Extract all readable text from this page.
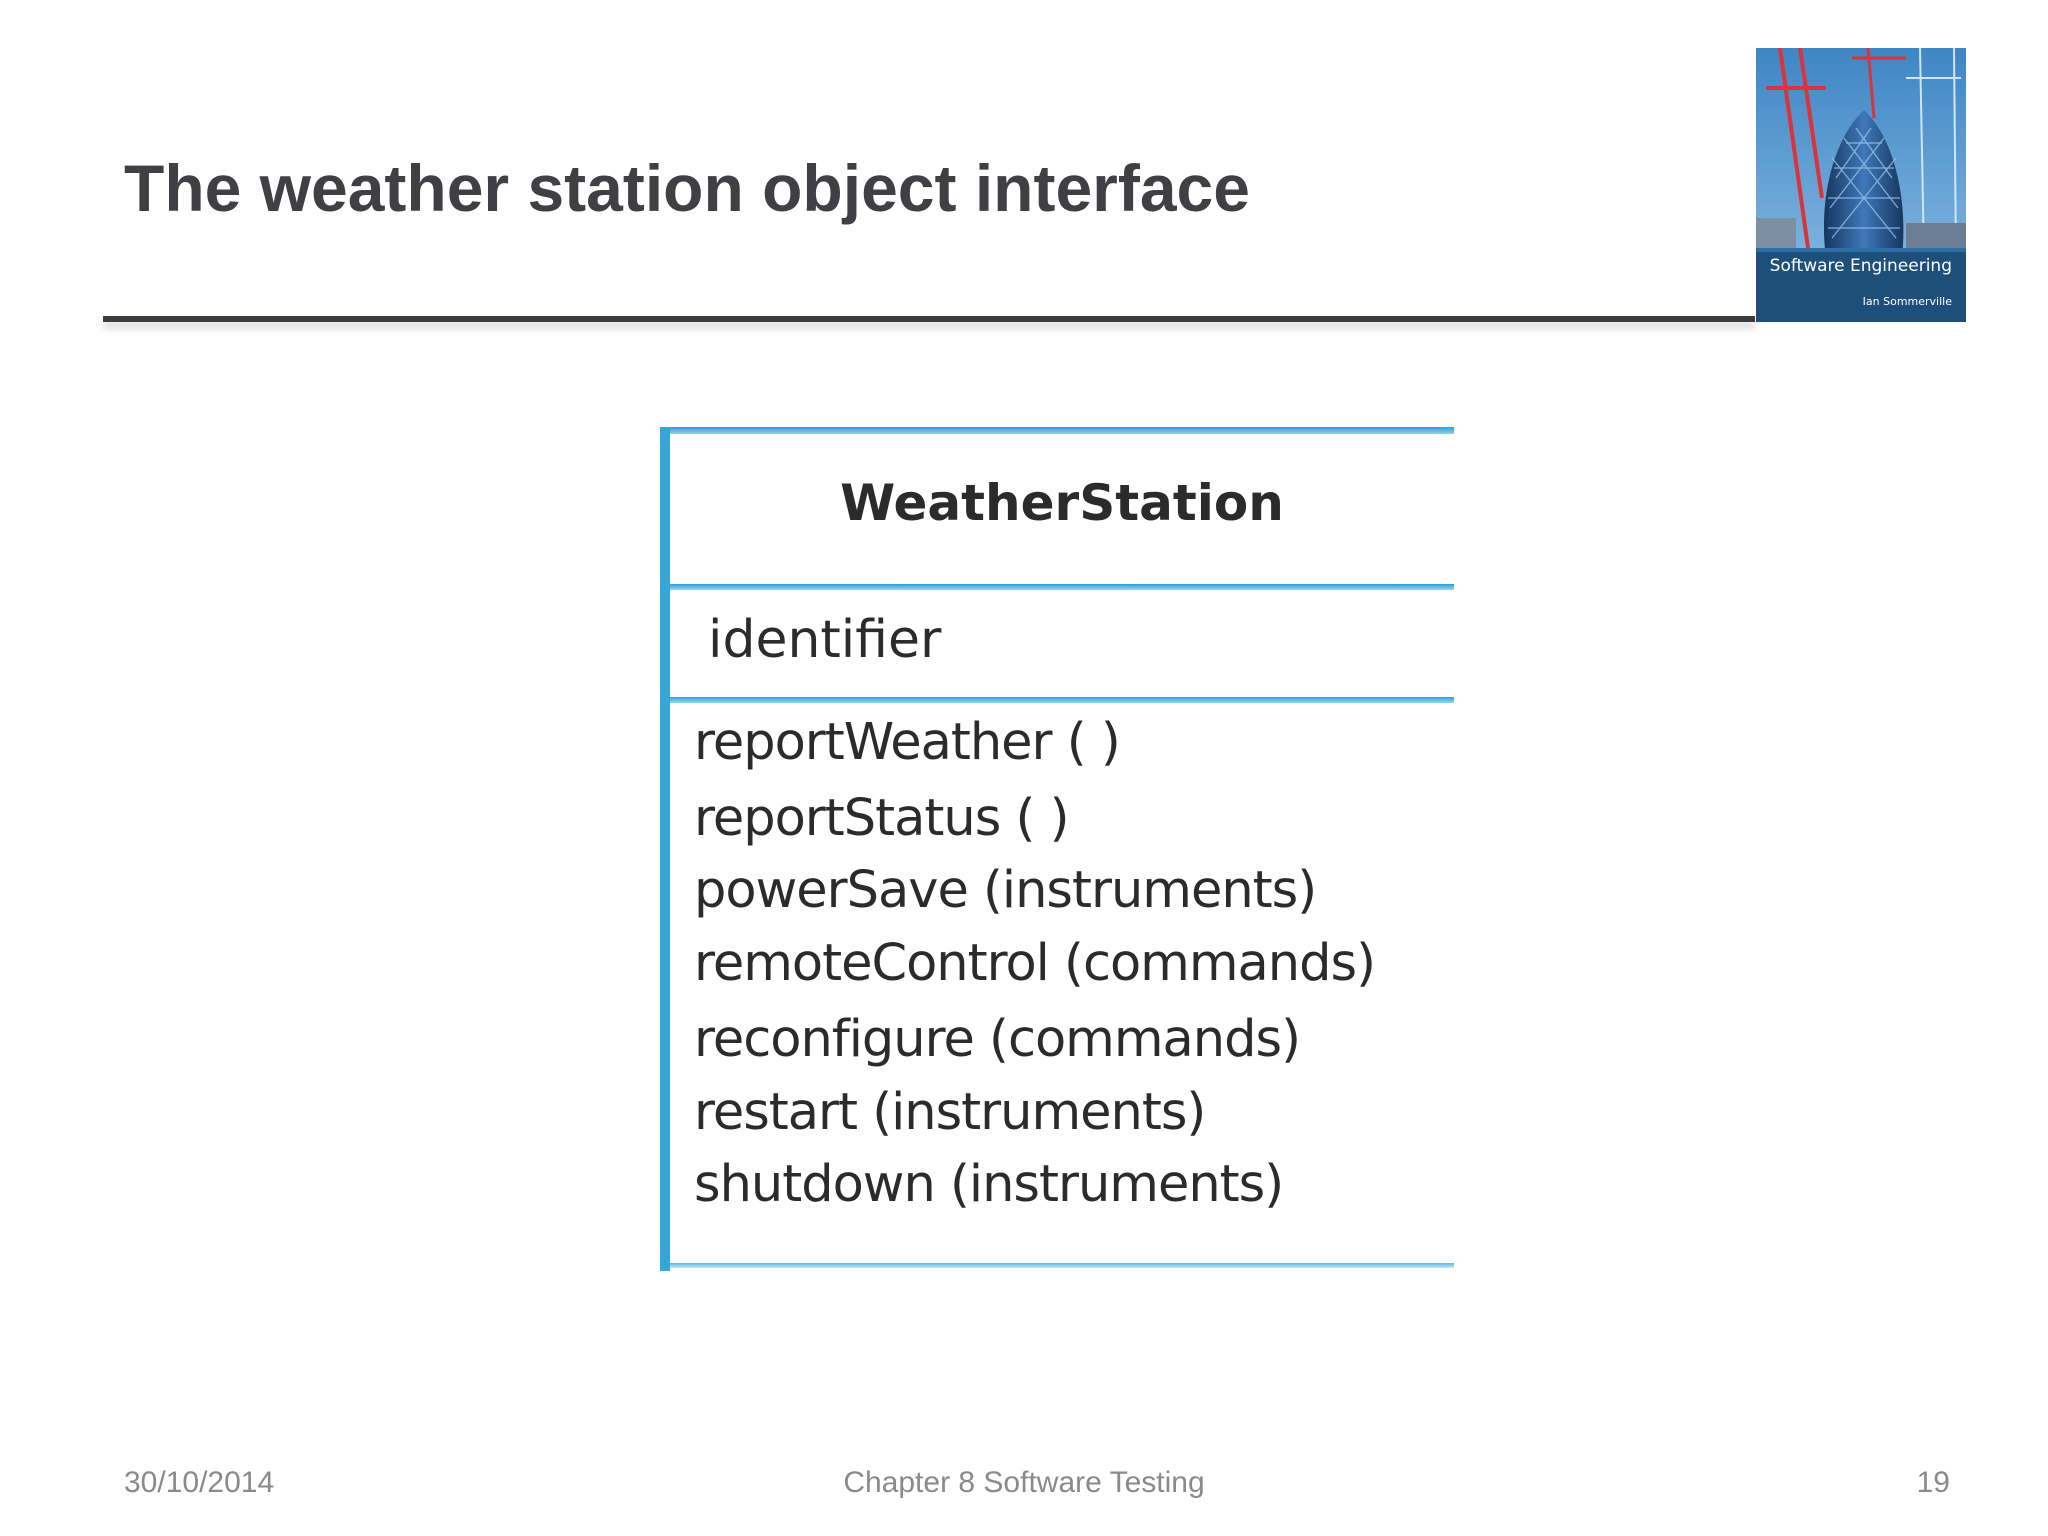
The weather station object interface
Software Engineering
Ian Sommerville
WeatherStation
identifier
reportWeather ( )
reportStatus ( )
powerSave (instruments)
remoteControl (commands)
reconfigure (commands)
restart (instruments)
shutdown (instruments)
30/10/2014	Chapter 8 Software Testing	19
